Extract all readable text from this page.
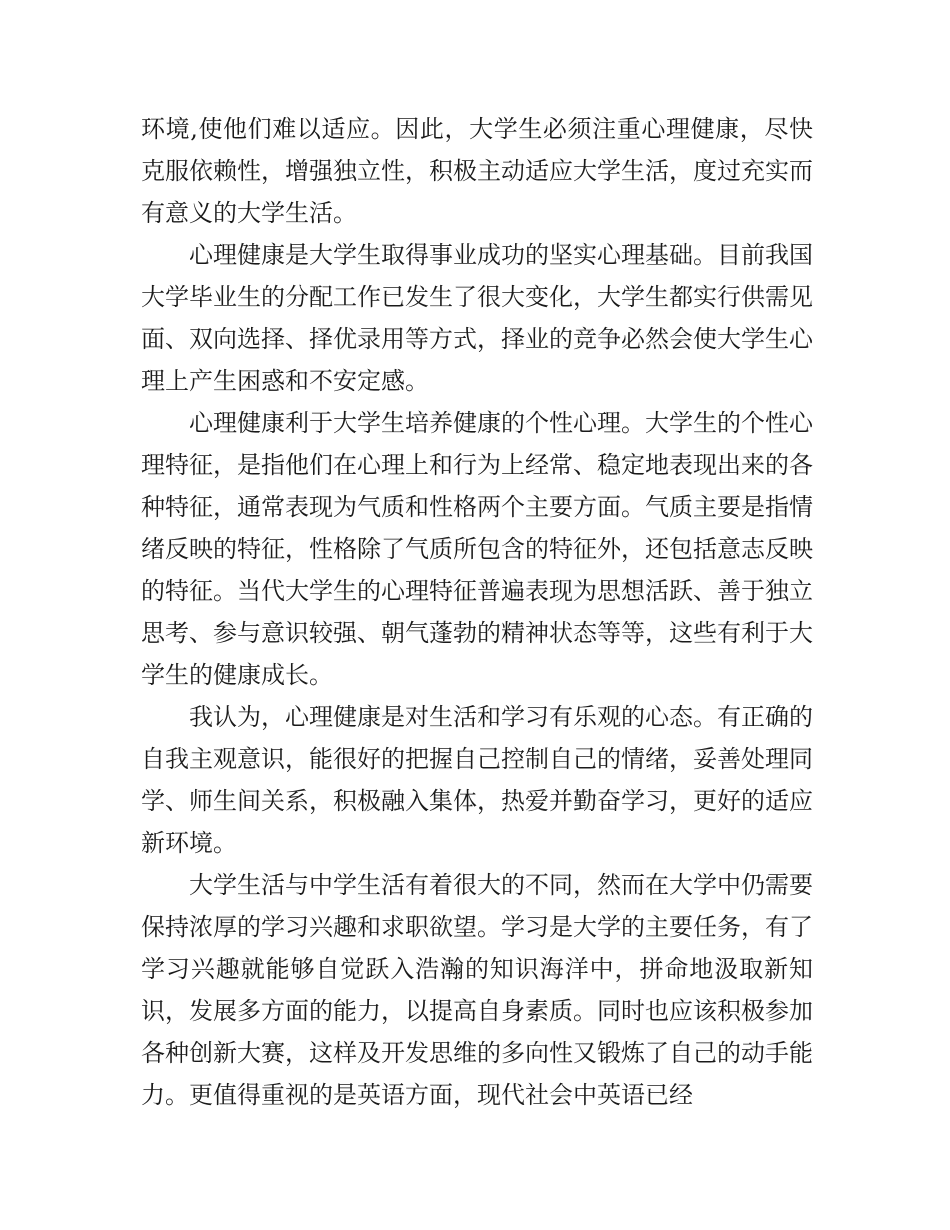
环境,使他们难以适应。因此，大学生必须注重心理健康，尽快克服依赖性，增强独立性，积极主动适应大学生活，度过充实而有意义的大学生活。

心理健康是大学生取得事业成功的坚实心理基础。目前我国大学毕业生的分配工作已发生了很大变化，大学生都实行供需见面、双向选择、择优录用等方式，择业的竞争必然会使大学生心理上产生困惑和不安定感。

心理健康利于大学生培养健康的个性心理。大学生的个性心理特征，是指他们在心理上和行为上经常、稳定地表现出来的各种特征，通常表现为气质和性格两个主要方面。气质主要是指情绪反映的特征，性格除了气质所包含的特征外，还包括意志反映的特征。当代大学生的心理特征普遍表现为思想活跃、善于独立思考、参与意识较强、朝气蓬勃的精神状态等等，这些有利于大学生的健康成长。

我认为，心理健康是对生活和学习有乐观的心态。有正确的自我主观意识，能很好的把握自己控制自己的情绪，妥善处理同学、师生间关系，积极融入集体，热爱并勤奋学习，更好的适应新环境。

大学生活与中学生活有着很大的不同，然而在大学中仍需要保持浓厚的学习兴趣和求职欲望。学习是大学的主要任务，有了学习兴趣就能够自觉跃入浩瀚的知识海洋中，拼命地汲取新知识，发展多方面的能力，以提高自身素质。同时也应该积极参加各种创新大赛，这样及开发思维的多向性又锻炼了自己的动手能力。更值得重视的是英语方面，现代社会中英语已经
